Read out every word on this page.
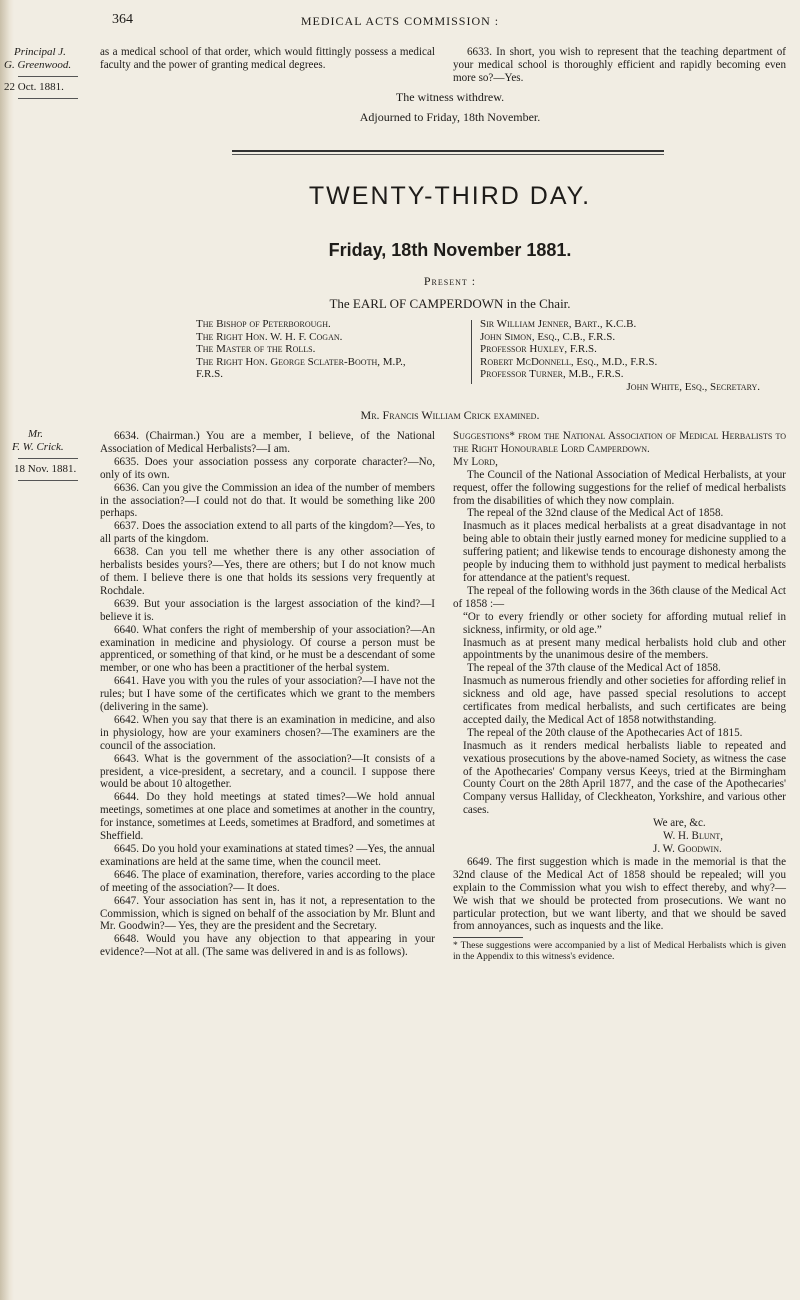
364	MEDICAL ACTS COMMISSION :
Principal J.
G. Greenwood.
22 Oct. 1881.

as a medical school of that order, which would fittingly possess a medical faculty and the power of granting medical degrees.

6633. In short, you wish to represent that the teaching department of your medical school is thoroughly efficient and rapidly becoming even more so?—Yes.

The witness withdrew.
Adjourned to Friday, 18th November.
TWENTY-THIRD DAY.
Friday, 18th November 1881.
Present :
The EARL OF CAMPERDOWN in the Chair.
The Bishop of Peterborough.
The Right Hon. W. H. F. Cogan.
The Master of the Rolls.
The Right Hon. George Sclater-Booth, M.P.,
F.R.S.
Sir William Jenner, Bart., K.C.B.
John Simon, Esq., C.B., F.R.S.
Professor Huxley, F.R.S.
Robert McDonnell, Esq., M.D., F.R.S.
Professor Turner, M.B., F.R.S.
John White, Esq., Secretary.
Mr. Francis William Crick examined.
Mr.
F. W. Crick.
18 Nov. 1881.

6634. (Chairman.) You are a member, I believe, of the National Association of Medical Herbalists?—I am.

6635. Does your association possess any corporate character?—No, only of its own.

6636. Can you give the Commission an idea of the number of members in the association?—I could not do that. It would be something like 200 perhaps.

6637. Does the association extend to all parts of the kingdom?—Yes, to all parts of the kingdom.

6638. Can you tell me whether there is any other association of herbalists besides yours?—Yes, there are others; but I do not know much of them. I believe there is one that holds its sessions very frequently at Rochdale.

6639. But your association is the largest association of the kind?—I believe it is.

6640. What confers the right of membership of your association?—An examination in medicine and physiology. Of course a person must be apprenticed, or something of that kind, or he must be a descendant of some member, or one who has been a practitioner of the herbal system.

6641. Have you with you the rules of your association?—I have not the rules; but I have some of the certificates which we grant to the members (delivering in the same).

6642. When you say that there is an examination in medicine, and also in physiology, how are your examiners chosen?—The examiners are the council of the association.

6643. What is the government of the association?—It consists of a president, a vice-president, a secretary, and a council. I suppose there would be about 10 altogether.

6644. Do they hold meetings at stated times?—We hold annual meetings, sometimes at one place and sometimes at another in the country, for instance, sometimes at Leeds, sometimes at Bradford, and sometimes at Sheffield.

6645. Do you hold your examinations at stated times? —Yes, the annual examinations are held at the same time, when the council meet.

6646. The place of examination, therefore, varies according to the place of meeting of the association?— It does.

6647. Your association has sent in, has it not, a representation to the Commission, which is signed on behalf of the association by Mr. Blunt and Mr. Goodwin?— Yes, they are the president and the Secretary.

6648. Would you have any objection to that appearing in your evidence?—Not at all. (The same was delivered in and is as follows).

Suggestions* from the National Association of Medical Herbalists to the Right Honourable Lord Camperdown.

My Lord,

The Council of the National Association of Medical Herbalists, at your request, offer the following suggestions for the relief of medical herbalists from the disabilities of which they now complain.

The repeal of the 32nd clause of the Medical Act of 1858.

Inasmuch as it places medical herbalists at a great disadvantage in not being able to obtain their justly earned money for medicine supplied to a suffering patient; and likewise tends to encourage dishonesty among the people by inducing them to withhold just payment to medical herbalists for attendance at the patient's request.

The repeal of the following words in the 36th clause of the Medical Act of 1858 :—

“Or to every friendly or other society for affording mutual relief in sickness, infirmity, or old age.”

Inasmuch as at present many medical herbalists hold club and other appointments by the unanimous desire of the members.

The repeal of the 37th clause of the Medical Act of 1858.

Inasmuch as numerous friendly and other societies for affording relief in sickness and old age, have passed special resolutions to accept certificates from medical herbalists, and such certificates are being accepted daily, the Medical Act of 1858 notwithstanding.

The repeal of the 20th clause of the Apothecaries Act of 1815.

Inasmuch as it renders medical herbalists liable to repeated and vexatious prosecutions by the above-named Society, as witness the case of the Apothecaries' Company versus Keeys, tried at the Birmingham County Court on the 28th April 1877, and the case of the Apothecaries' Company versus Halliday, of Cleckheaton, Yorkshire, and various other cases.

We are, &c.

W. H. Blunt,

J. W. Goodwin.

6649. The first suggestion which is made in the memorial is that the 32nd clause of the Medical Act of 1858 should be repealed; will you explain to the Commission what you wish to effect thereby, and why?— We wish that we should be protected from prosecutions. We want no particular protection, but we want liberty, and that we should be saved from annoyances, such as inquests and the like.

* These suggestions were accompanied by a list of Medical Herbalists which is given in the Appendix to this witness's evidence.
